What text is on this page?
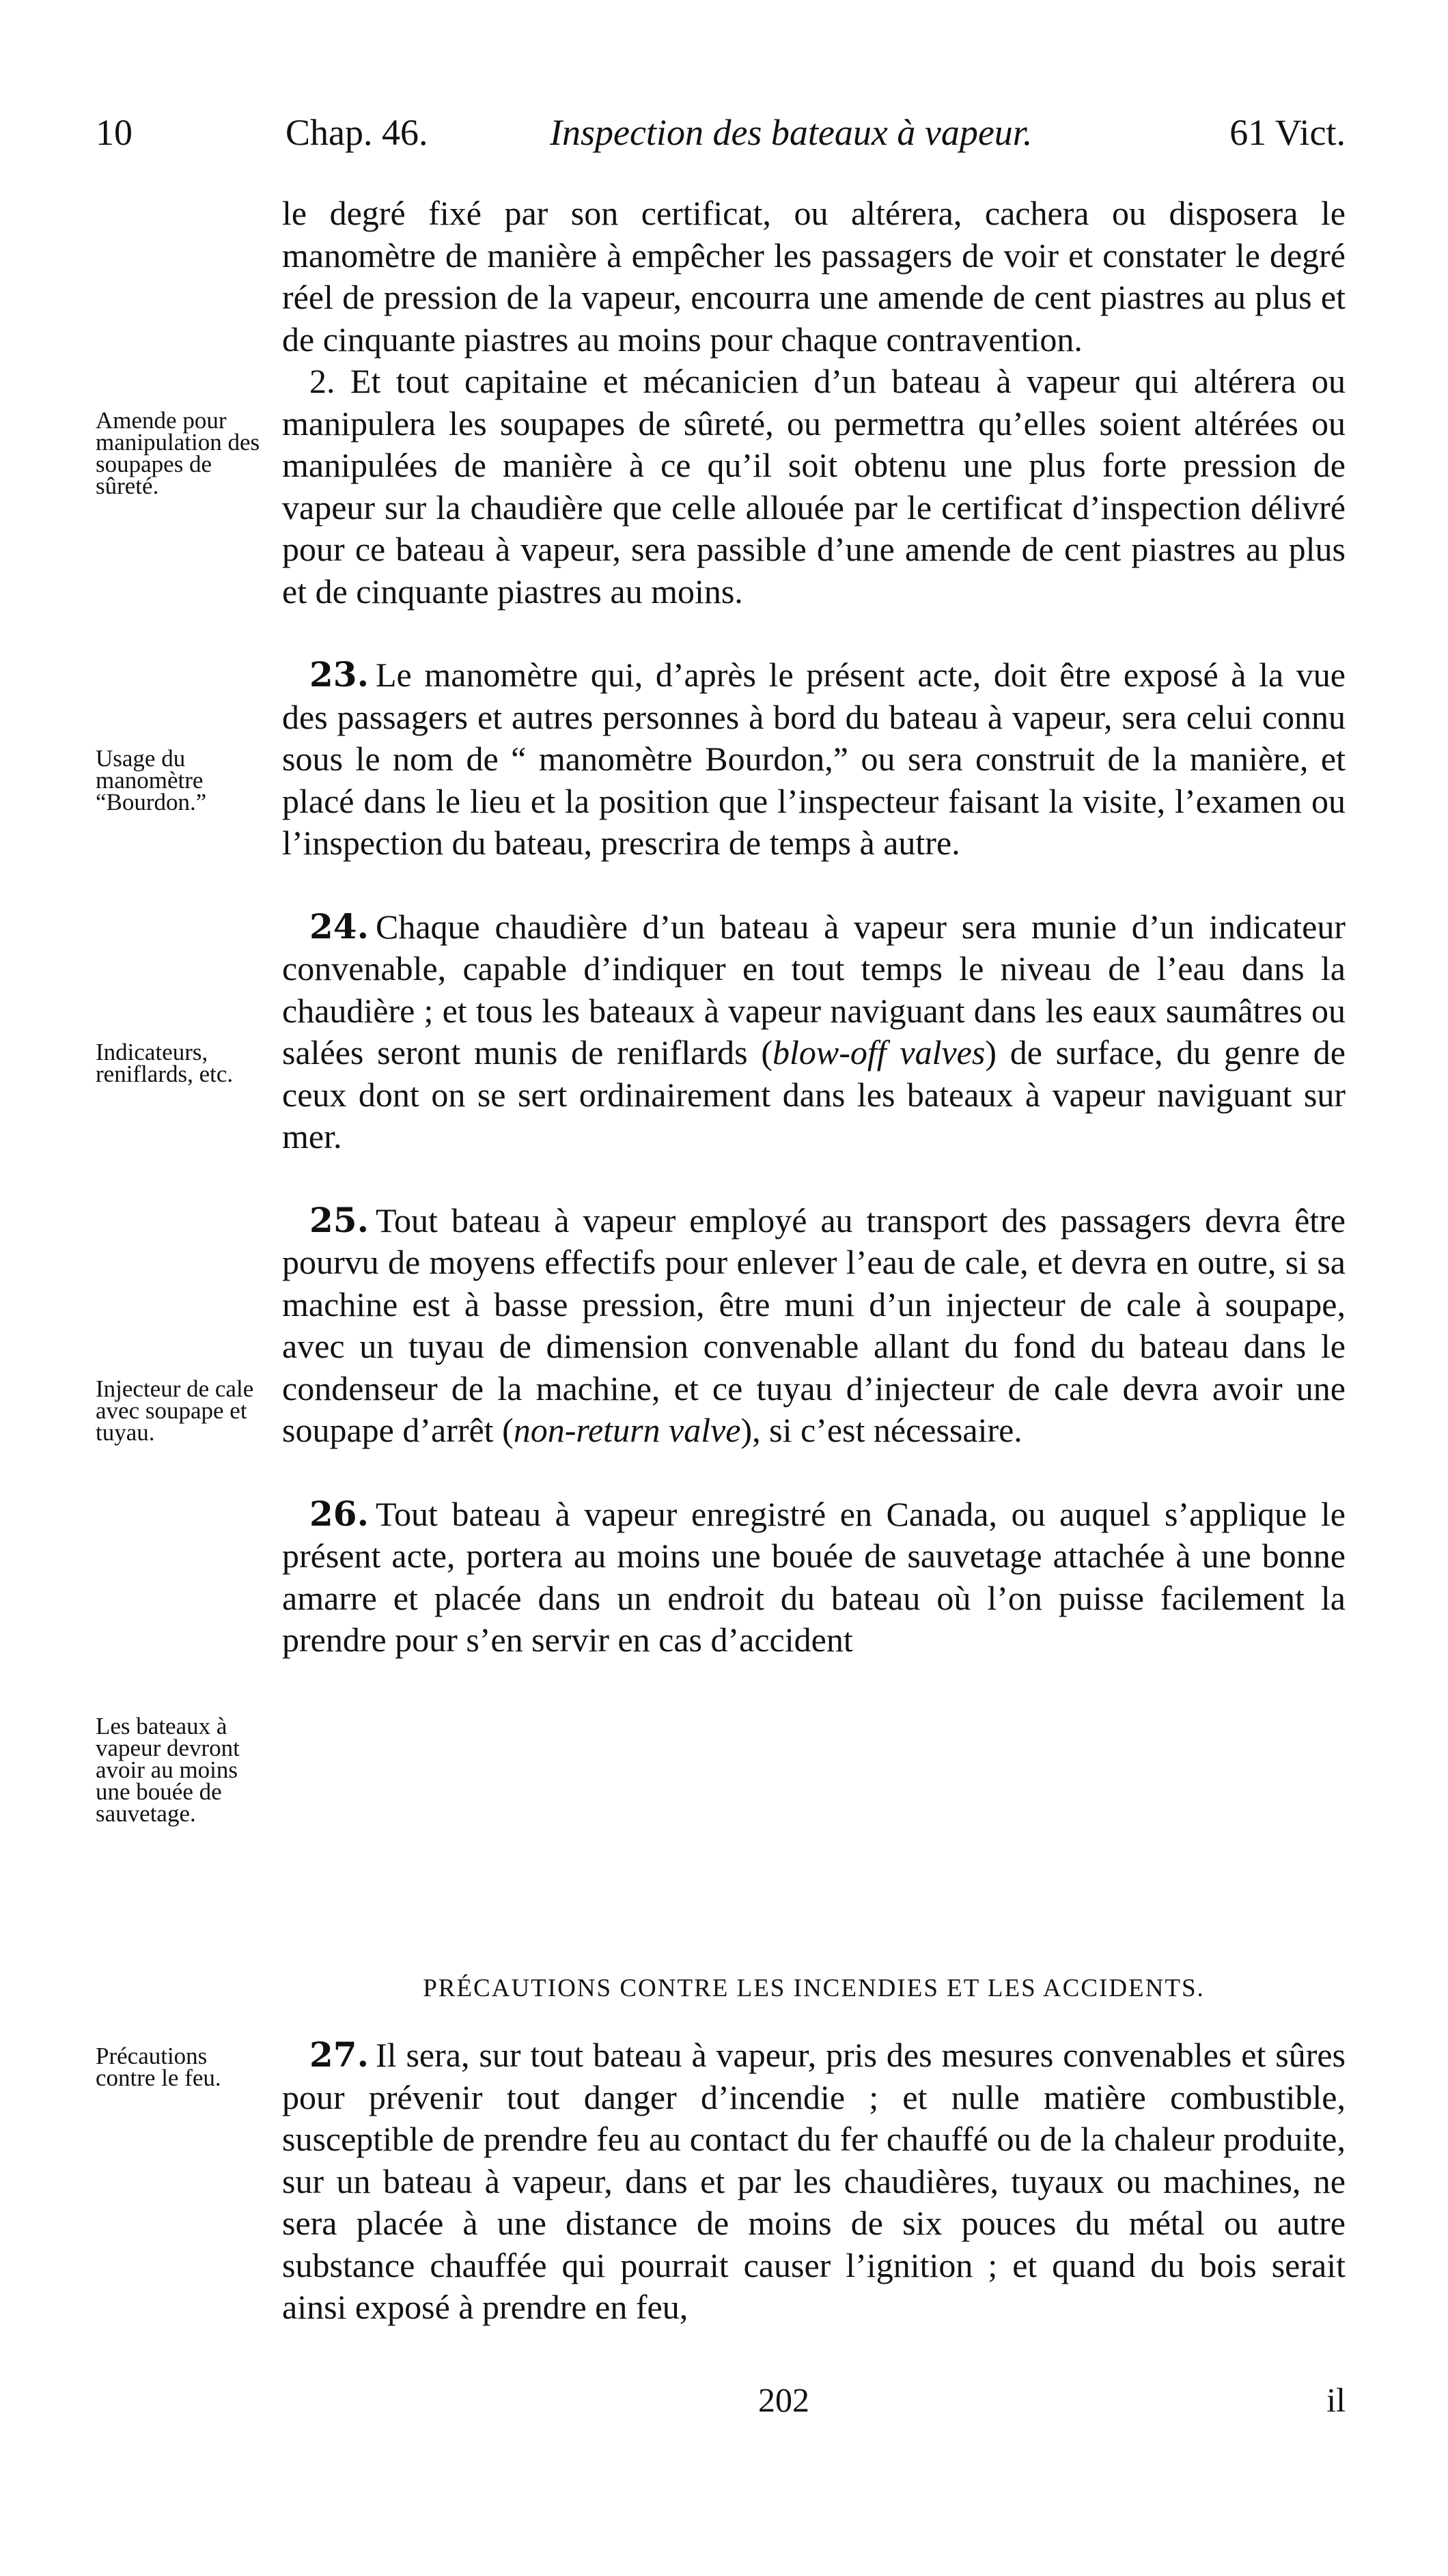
10	Chap. 46.	Inspection des bateaux à vapeur.	61 Vict.

le degré fixé par son certificat, ou altérera, cachera ou disposera le manomètre de manière à empêcher les passagers de voir et constater le degré réel de pression de la vapeur, encourra une amende de cent piastres au plus et de cinquante piastres au moins pour chaque contravention.

2. Et tout capitaine et mécanicien d’un bateau à vapeur qui altérera ou manipulera les soupapes de sûreté, ou permettra qu’elles soient altérées ou manipulées de manière à ce qu’il soit obtenu une plus forte pression de vapeur sur la chaudière que celle allouée par le certificat d’inspection délivré pour ce bateau à vapeur, sera passible d’une amende de cent piastres au plus et de cinquante piastres au moins.

23. Le manomètre qui, d’après le présent acte, doit être exposé à la vue des passagers et autres personnes à bord du bateau à vapeur, sera celui connu sous le nom de “ manomètre Bourdon,” ou sera construit de la manière, et placé dans le lieu et la position que l’inspecteur faisant la visite, l’examen ou l’inspection du bateau, prescrira de temps à autre.

24. Chaque chaudière d’un bateau à vapeur sera munie d’un indicateur convenable, capable d’indiquer en tout temps le niveau de l’eau dans la chaudière ; et tous les bateaux à vapeur naviguant dans les eaux saumâtres ou salées seront munis de reniflards (blow-off valves) de surface, du genre de ceux dont on se sert ordinairement dans les bateaux à vapeur naviguant sur mer.

25. Tout bateau à vapeur employé au transport des passagers devra être pourvu de moyens effectifs pour enlever l’eau de cale, et devra en outre, si sa machine est à basse pression, être muni d’un injecteur de cale à soupape, avec un tuyau de dimension convenable allant du fond du bateau dans le condenseur de la machine, et ce tuyau d’injecteur de cale devra avoir une soupape d’arrêt (non-return valve), si c’est nécessaire.

26. Tout bateau à vapeur enregistré en Canada, ou auquel s’applique le présent acte, portera au moins une bouée de sauvetage attachée à une bonne amarre et placée dans un endroit du bateau où l’on puisse facilement la prendre pour s’en servir en cas d’accident

PRÉCAUTIONS CONTRE LES INCENDIES ET LES ACCIDENTS.

27. Il sera, sur tout bateau à vapeur, pris des mesures convenables et sûres pour prévenir tout danger d’incendie ; et nulle matière combustible, susceptible de prendre feu au contact du fer chauffé ou de la chaleur produite, sur un bateau à vapeur, dans et par les chaudières, tuyaux ou machines, ne sera placée à une distance de moins de six pouces du métal ou autre substance chauffée qui pourrait causer l’ignition ; et quand du bois serait ainsi exposé à prendre en feu,

Amende pour manipulation des soupapes de sûreté.
Usage du manomètre “Bourdon.”
Indicateurs, reniflards, etc.
Injecteur de cale avec soupape et tuyau.
Les bateaux à vapeur devront avoir au moins une bouée de sauvetage.
Précautions contre le feu.
202	il
